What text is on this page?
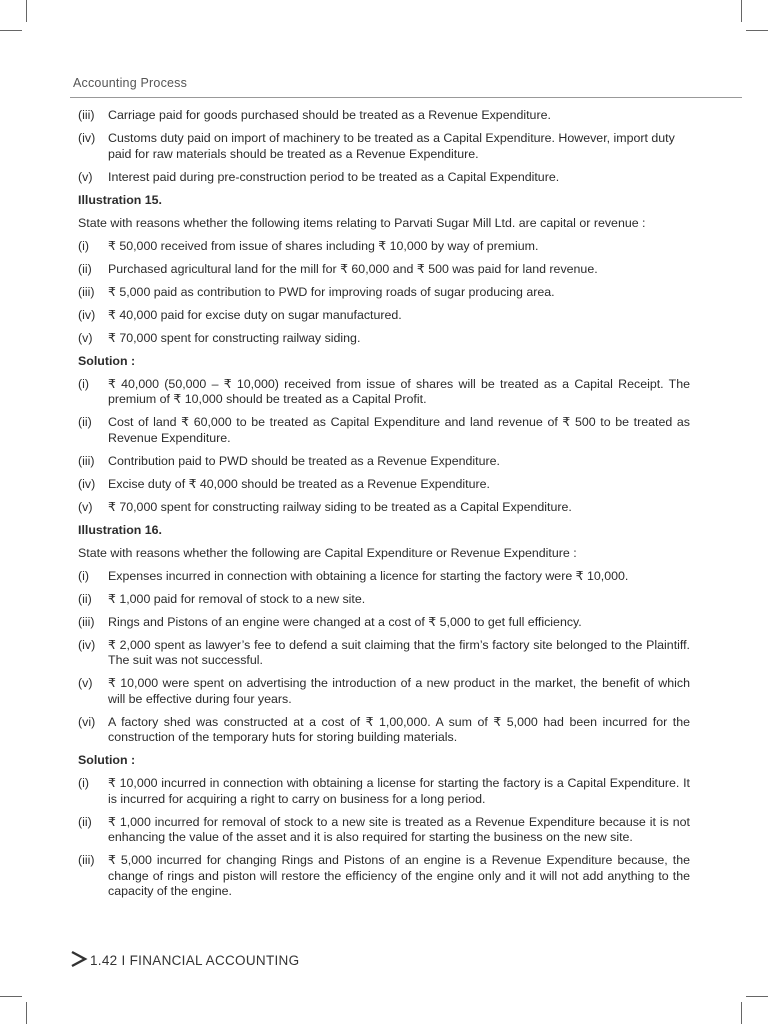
Accounting Process
(iii)	Carriage paid for goods purchased should be treated as a Revenue Expenditure.
(iv)	Customs duty paid on import of machinery to be treated as a Capital Expenditure. However, import duty paid for raw materials should be treated as a Revenue Expenditure.
(v)	Interest paid during pre-construction period to be treated as a Capital Expenditure.
Illustration 15.
State with reasons whether the following items relating to Parvati Sugar Mill Ltd. are capital or revenue :
(i)	₹ 50,000 received from issue of shares including ₹ 10,000 by way of premium.
(ii)	Purchased agricultural land for the mill for ₹ 60,000 and ₹ 500 was paid for land revenue.
(iii)	₹ 5,000 paid as contribution to PWD for improving roads of sugar producing area.
(iv)	₹ 40,000 paid for excise duty on sugar manufactured.
(v)	₹ 70,000 spent for constructing railway siding.
Solution :
(i)	₹ 40,000 (50,000 – ₹ 10,000) received from issue of shares will be treated as a Capital Receipt. The premium of ₹ 10,000 should be treated as a Capital Profit.
(ii)	Cost of land ₹ 60,000 to be treated as Capital Expenditure and land revenue of ₹ 500 to be treated as Revenue Expenditure.
(iii)	Contribution paid to PWD should be treated as a Revenue Expenditure.
(iv)	Excise duty of ₹ 40,000 should be treated as a Revenue Expenditure.
(v)	₹ 70,000 spent for constructing railway siding to be treated as a Capital Expenditure.
Illustration 16.
State with reasons whether the following are Capital Expenditure or Revenue Expenditure :
(i)	Expenses incurred in connection with obtaining a licence for starting the factory were ₹ 10,000.
(ii)	₹ 1,000 paid for removal of stock to a new site.
(iii)	Rings and Pistons of an engine were changed at a cost of ₹ 5,000 to get full efficiency.
(iv)	₹ 2,000 spent as lawyer’s fee to defend a suit claiming that the firm’s factory site belonged to the Plaintiff. The suit was not successful.
(v)	₹ 10,000 were spent on advertising the introduction of a new product in the market, the benefit of which will be effective during four years.
(vi)	A factory shed was constructed at a cost of ₹ 1,00,000. A sum of ₹ 5,000 had been incurred for the construction of the temporary huts for storing building materials.
Solution :
(i)	₹ 10,000 incurred in connection with obtaining a license for starting the factory is a Capital Expenditure. It is incurred for acquiring a right to carry on business for a long period.
(ii)	₹ 1,000 incurred for removal of stock to a new site is treated as a Revenue Expenditure because it is not enhancing the value of the asset and it is also required for starting the business on the new site.
(iii)	₹ 5,000 incurred for changing Rings and Pistons of an engine is a Revenue Expenditure because, the change of rings and piston will restore the efficiency of the engine only and it will not add anything to the capacity of the engine.
1.42 I FINANCIAL ACCOUNTING
